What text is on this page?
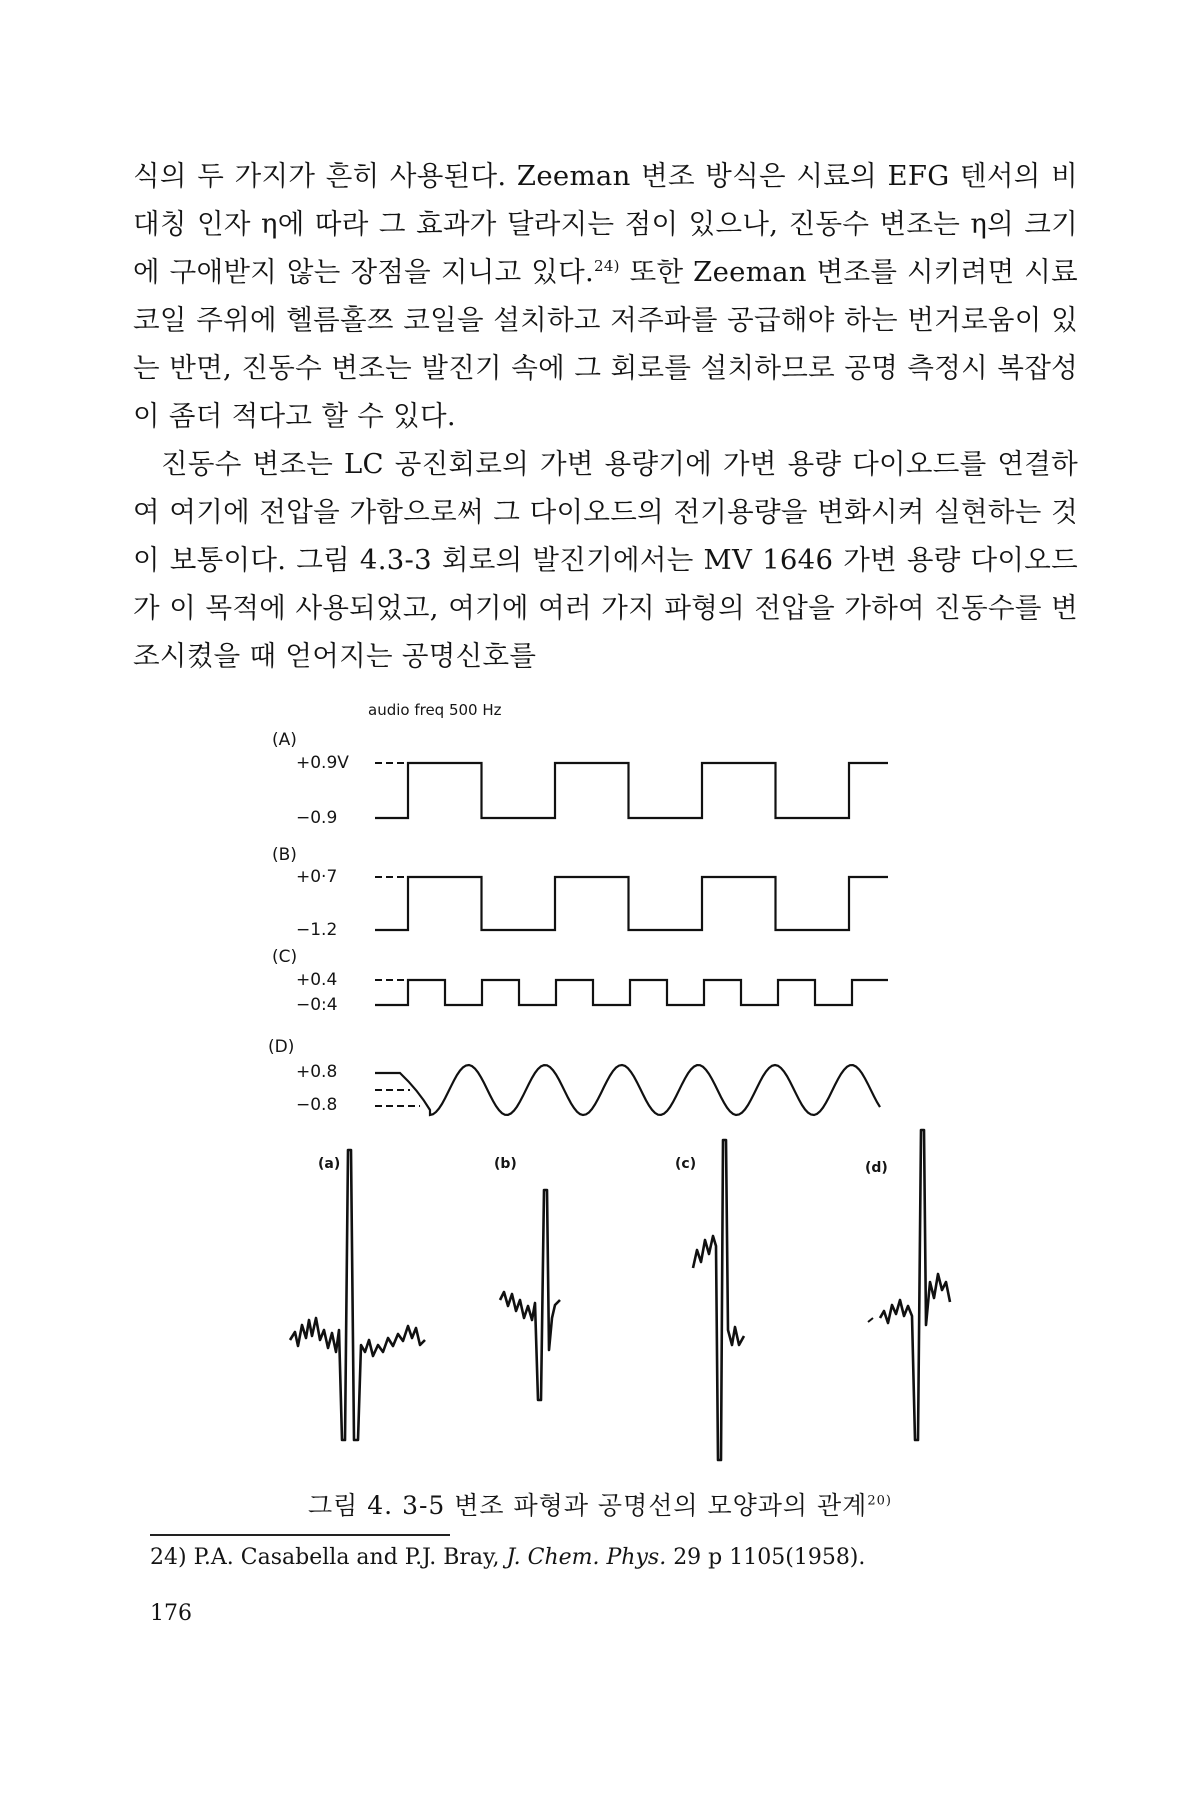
식의 두 가지가 흔히 사용된다. Zeeman 변조 방식은 시료의 EFG 텐서의 비대칭 인자 η에 따라 그 효과가 달라지는 점이 있으나, 진동수 변조는 η의 크기에 구애받지 않는 장점을 지니고 있다.$^{24)}$ 또한 Zeeman 변조를 시키려면 시료 코일 주위에 헬름홀쯔 코일을 설치하고 저주파를 공급해야 하는 번거로움이 있는 반면, 진동수 변조는 발진기 속에 그 회로를 설치하므로 공명 측정시 복잡성이 좀더 적다고 할 수 있다.

진동수 변조는 LC 공진회로의 가변 용량기에 가변 용량 다이오드를 연결하여 여기에 전압을 가함으로써 그 다이오드의 전기용량을 변화시켜 실현하는 것이 보통이다. 그림 4.3-3 회로의 발진기에서는 MV 1646 가변 용량 다이오드가 이 목적에 사용되었고, 여기에 여러 가지 파형의 전압을 가하여 진동수를 변조시켰을 때 얻어지는 공명신호를

audio freq 500 Hz
(A)
+0.9V
−0.9
(B)
+0·7
−1.2
(C)
+0.4
−0:4
(D)
+0.8
−0.8
(a)	(b)	(c)	(d)
그림 4. 3-5 변조 파형과 공명선의 모양과의 관계$^{20)}$
24) P.A. Casabella and P.J. Bray, J. Chem. Phys. 29 p 1105(1958).
176
